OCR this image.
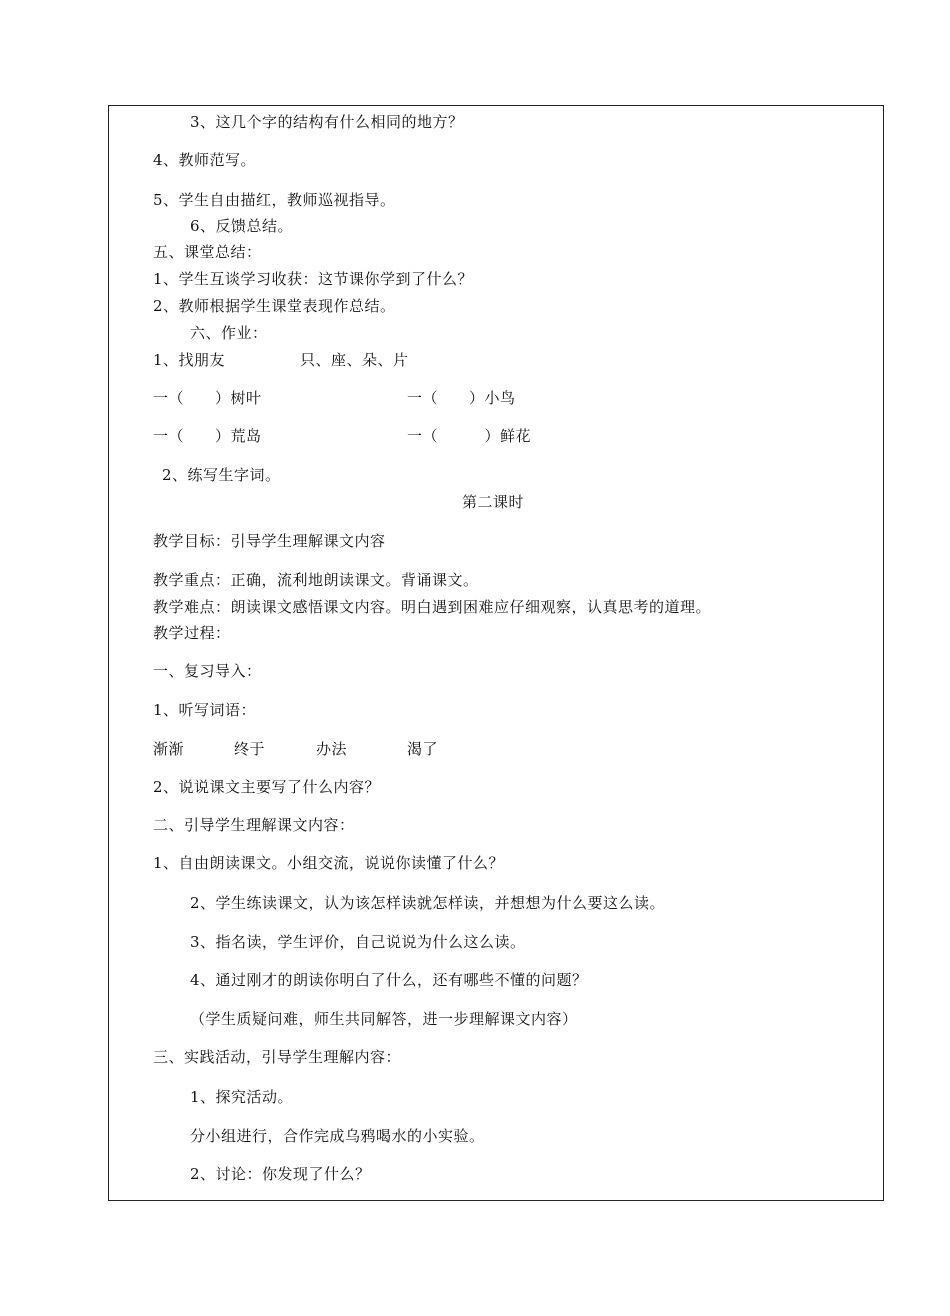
3、这几个字的结构有什么相同的地方？
4、教师范写。
5、学生自由描红，教师巡视指导。
6、反馈总结。
五、课堂总结：
1、学生互谈学习收获：这节课你学到了什么？
2、教师根据学生课堂表现作总结。
六、作业：
1、找朋友	只、座、朵、片
一（　　）树叶	一（　　）小鸟
一（　　）荒岛	一（　　　）鲜花
2、练写生字词。
第二课时
教学目标：引导学生理解课文内容
教学重点：正确，流利地朗读课文。背诵课文。
教学难点：朗读课文感悟课文内容。明白遇到困难应仔细观察，认真思考的道理。
教学过程：
一、复习导入：
1、听写词语：
渐渐	终于	办法	渴了
2、说说课文主要写了什么内容？
二、引导学生理解课文内容：
1、自由朗读课文。小组交流，说说你读懂了什么？
2、学生练读课文，认为该怎样读就怎样读，并想想为什么要这么读。
3、指名读，学生评价，自己说说为什么这么读。
4、通过刚才的朗读你明白了什么，还有哪些不懂的问题？
（学生质疑问难，师生共同解答，进一步理解课文内容）
三、实践活动，引导学生理解内容：
1、探究活动。
分小组进行，合作完成乌鸦喝水的小实验。
2、讨论：你发现了什么？
